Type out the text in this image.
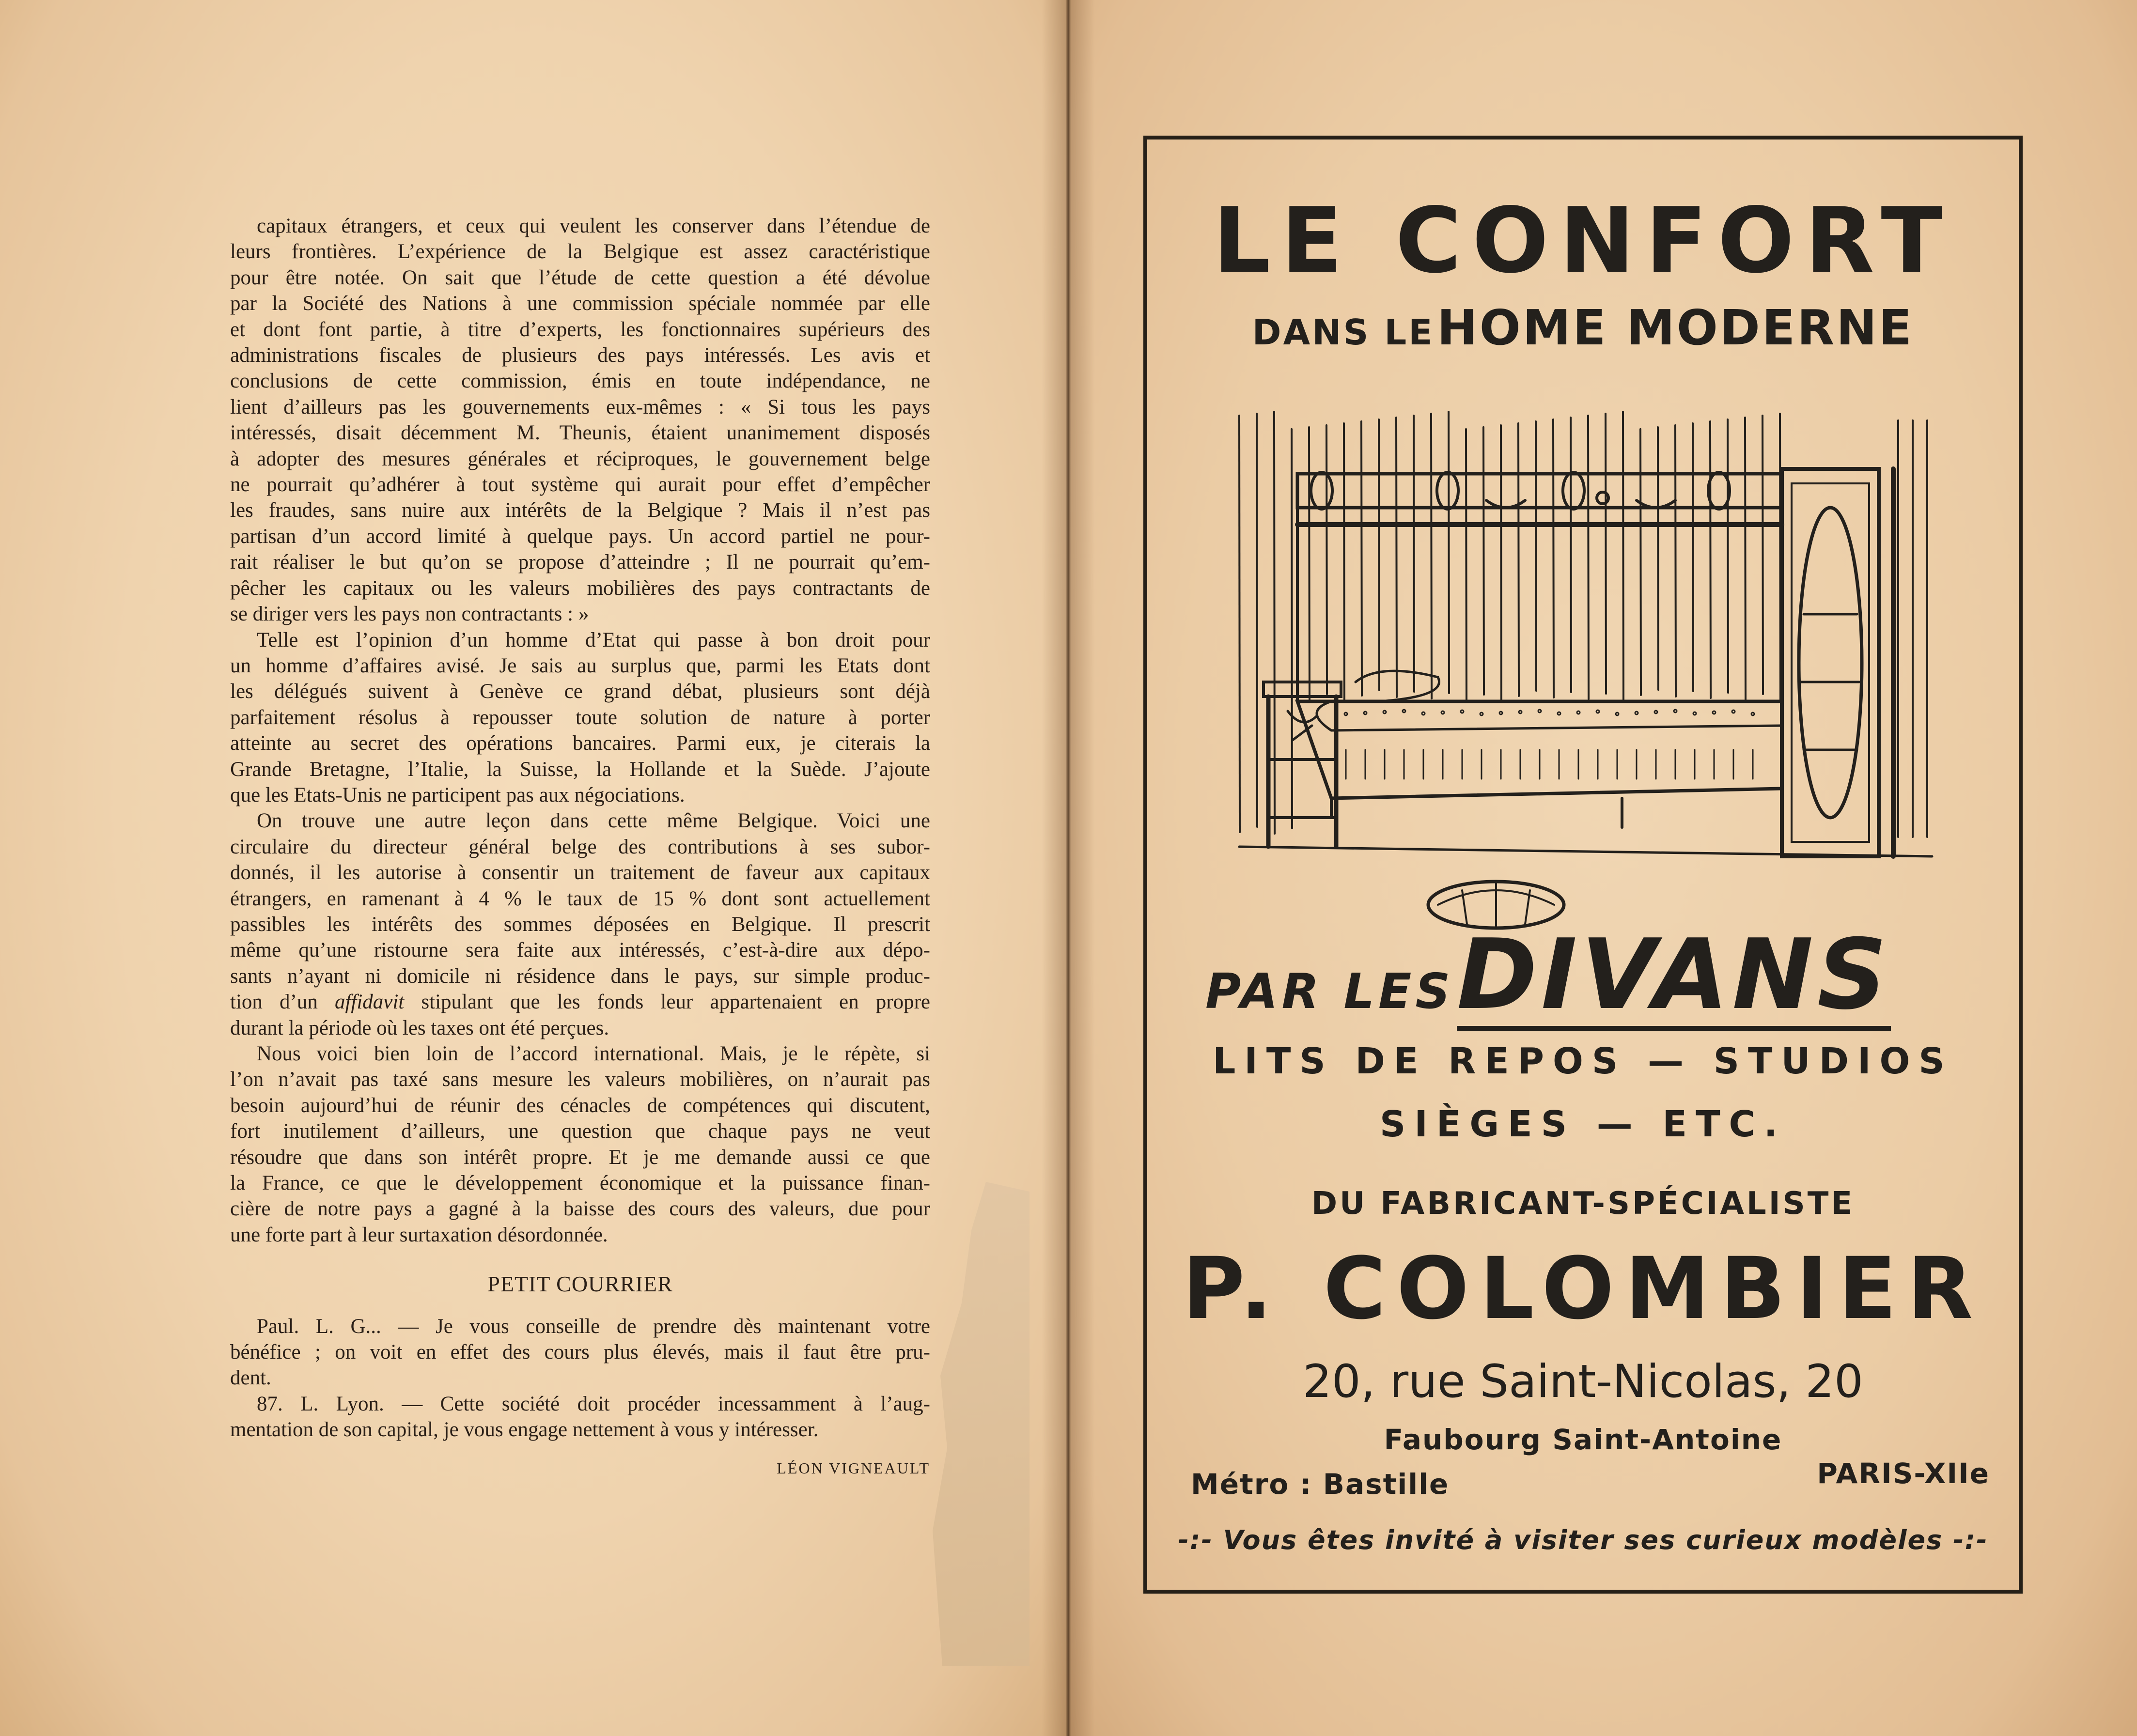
capitaux étrangers, et ceux qui veulent les conserver dans l’étendue de
leurs frontières. L’expérience de la Belgique est assez caractéristique
pour être notée. On sait que l’étude de cette question a été dévolue
par la Société des Nations à une commission spéciale nommée par elle
et dont font partie, à titre d’experts, les fonctionnaires supérieurs des
administrations fiscales de plusieurs des pays intéressés. Les avis et
conclusions de cette commission, émis en toute indépendance, ne
lient d’ailleurs pas les gouvernements eux-mêmes : « Si tous les pays
intéressés, disait décemment M. Theunis, étaient unanimement disposés
à adopter des mesures générales et réciproques, le gouvernement belge
ne pourrait qu’adhérer à tout système qui aurait pour effet d’empêcher
les fraudes, sans nuire aux intérêts de la Belgique ? Mais il n’est pas
partisan d’un accord limité à quelque pays. Un accord partiel ne pour-
rait réaliser le but qu’on se propose d’atteindre ; Il ne pourrait qu’em-
pêcher les capitaux ou les valeurs mobilières des pays contractants de
se diriger vers les pays non contractants : »
Telle est l’opinion d’un homme d’Etat qui passe à bon droit pour
un homme d’affaires avisé. Je sais au surplus que, parmi les Etats dont
les délégués suivent à Genève ce grand débat, plusieurs sont déjà
parfaitement résolus à repousser toute solution de nature à porter
atteinte au secret des opérations bancaires. Parmi eux, je citerais la
Grande Bretagne, l’Italie, la Suisse, la Hollande et la Suède. J’ajoute
que les Etats-Unis ne participent pas aux négociations.
On trouve une autre leçon dans cette même Belgique. Voici une
circulaire du directeur général belge des contributions à ses subor-
donnés, il les autorise à consentir un traitement de faveur aux capitaux
étrangers, en ramenant à 4 % le taux de 15 % dont sont actuellement
passibles les intérêts des sommes déposées en Belgique. Il prescrit
même qu’une ristourne sera faite aux intéressés, c’est-à-dire aux dépo-
sants n’ayant ni domicile ni résidence dans le pays, sur simple produc-
tion d’un affidavit stipulant que les fonds leur appartenaient en propre
durant la période où les taxes ont été perçues.
Nous voici bien loin de l’accord international. Mais, je le répète, si
l’on n’avait pas taxé sans mesure les valeurs mobilières, on n’aurait pas
besoin aujourd’hui de réunir des cénacles de compétences qui discutent,
fort inutilement d’ailleurs, une question que chaque pays ne veut
résoudre que dans son intérêt propre. Et je me demande aussi ce que
la France, ce que le développement économique et la puissance finan-
cière de notre pays a gagné à la baisse des cours des valeurs, due pour
une forte part à leur surtaxation désordonnée.
PETIT COURRIER
Paul. L. G... — Je vous conseille de prendre dès maintenant votre
bénéfice ; on voit en effet des cours plus élevés, mais il faut être pru-
dent.
87. L. Lyon. — Cette société doit procéder incessamment à l’aug-
mentation de son capital, je vous engage nettement à vous y intéresser.
LÉON VIGNEAULT
LE CONFORT
DANS LE HOME MODERNE
PAR LES DIVANS
LITS DE REPOS — STUDIOS
SIÈGES — ETC.
DU FABRICANT-SPÉCIALISTE
P. COLOMBIER
20, rue Saint-Nicolas, 20
Faubourg Saint-Antoine
Métro : Bastille	PARIS-XIIe
-:- Vous êtes invité à visiter ses curieux modèles -:-
